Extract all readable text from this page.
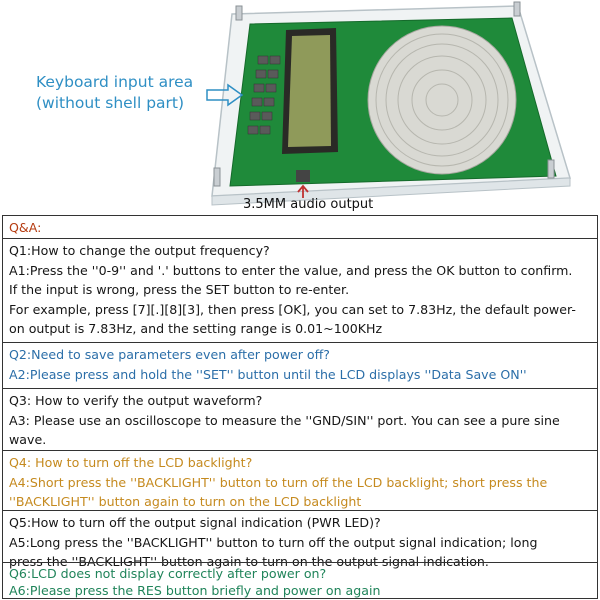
Keyboard input area
(without shell part)
3.5MM audio output

Q&A:

Q1:How to change the output frequency?

A1:Press the ''0-9'' and '.' buttons to enter the value, and press the OK button to confirm.

If the input is wrong, press the SET button to re-enter.

For example, press [7][.][8][3], then press [OK], you can set to 7.83Hz, the default power-

on output is 7.83Hz, and the setting range is 0.01~100KHz

Q2:Need to save parameters even after power off?

A2:Please press and hold the ''SET'' button until the LCD displays ''Data Save ON''

Q3: How to verify the output waveform?

A3: Please use an oscilloscope to measure the ''GND/SIN'' port. You can see a pure sine

wave.

Q4: How to turn off the LCD backlight?

A4:Short press the ''BACKLIGHT'' button to turn off the LCD backlight; short press the

''BACKLIGHT'' button again to turn on the LCD backlight

Q5:How to turn off the output signal indication (PWR LED)?

A5:Long press the ''BACKLIGHT'' button to turn off the output signal indication; long

press the ''BACKLIGHT'' button again to turn on the output signal indication.

Q6:LCD does not display correctly after power on?

A6:Please press the RES button briefly and power on again
